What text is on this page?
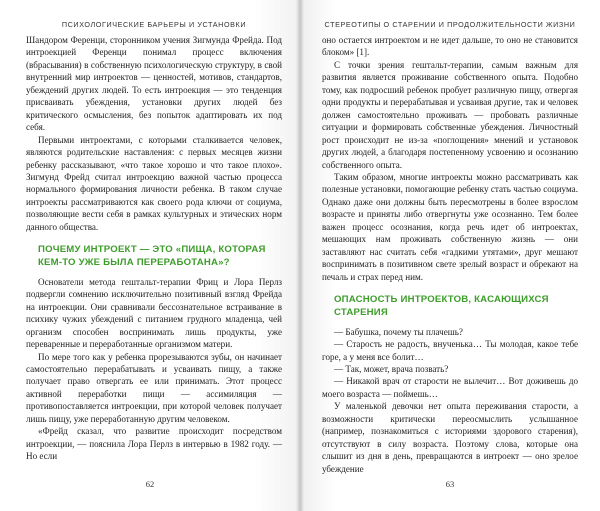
ПСИХОЛОГИЧЕСКИЕ БАРЬЕРЫ И УСТАНОВКИ

Шандором Ференци, сторонником учения Зигмунда Фрейда. Под интроекцией Ференци понимал процесс включения (вбрасывания) в собственную психологическую структуру, в свой внутренний мир интроектов — ценностей, мотивов, стандартов, убеждений других людей. То есть интроекция — это тенденция присваивать убеждения, установки других людей без критического осмысления, без попыток адаптировать их под себя.

Первыми интроектами, с которыми сталкивается человек, являются родительские наставления: с первых месяцев жизни ребенку рассказывают, «что такое хорошо и что такое плохо». Зигмунд Фрейд считал интроекцию важной частью процесса нормального формирования личности ребенка. В таком случае интроекты рассматриваются как своего рода ключи от социума, позволяющие вести себя в рамках культурных и этических норм данного общества.

ПОЧЕМУ ИНТРОЕКТ — ЭТО «ПИЩА, КОТОРАЯ КЕМ-ТО УЖЕ БЫЛА ПЕРЕРАБОТАНА»?

Основатели метода гештальт-терапии Фриц и Лора Перлз подвергли сомнению исключительно позитивный взгляд Фрейда на интроекции. Они сравнивали бессознательное встраивание в психику чужих убеждений с питанием грудного младенца, чей организм способен воспринимать лишь продукты, уже переваренные и переработанные организмом матери.

По мере того как у ребенка прорезываются зубы, он начинает самостоятельно перерабатывать и усваивать пищу, а также получает право отвергать ее или принимать. Этот процесс активной переработки пищи — ассимиляция — противопоставляется интроекции, при которой человек получает лишь пищу, уже переработанную другим человеком.

«Фрейд сказал, что развитие происходит посредством интроекции, — пояснила Лора Перлз в интервью в 1982 году. — Но если

62
СТЕРЕОТИПЫ О СТАРЕНИИ И ПРОДОЛЖИТЕЛЬНОСТИ ЖИЗНИ

оно остается интроектом и не идет дальше, то оно не становится блоком» [1].

С точки зрения гештальт-терапии, самым важным для развития является проживание собственного опыта. Подобно тому, как подросший ребенок пробует различную пищу, отвергая одни продукты и перерабатывая и усваивая другие, так и человек должен самостоятельно проживать — пробовать различные ситуации и формировать собственные убеждения. Личностный рост происходит не из-за «поглощения» мнений и установок других людей, а благодаря постепенному усвоению и осознанию собственного опыта.

Таким образом, многие интроекты можно рассматривать как полезные установки, помогающие ребенку стать частью социума. Однако даже они должны быть пересмотрены в более взрослом возрасте и приняты либо отвергнуты уже осознанно. Тем более важен процесс осознания, когда речь идет об интроектах, мешающих нам проживать собственную жизнь — они заставляют нас считать себя «гадкими утятами», друг мешают воспринимать в позитивном свете зрелый возраст и обрекают на печаль и страх перед ним.

ОПАСНОСТЬ ИНТРОЕКТОВ, КАСАЮЩИХСЯ СТАРЕНИЯ

— Бабушка, почему ты плачешь?

— Старость не радость, внученька… Ты молодая, какое тебе горе, а у меня все болит…

— Так, может, врача позвать?

— Никакой врач от старости не вылечит… Вот доживешь до моего возраста — поймешь…

У маленькой девочки нет опыта переживания старости, а возможности критически переосмыслить услышанное (например, познакомиться с историями здорового старения), отсутствуют в силу возраста. Поэтому слова, которые она слышит из дня в день, превращаются в интроект — оно зрелое убеждение

63
